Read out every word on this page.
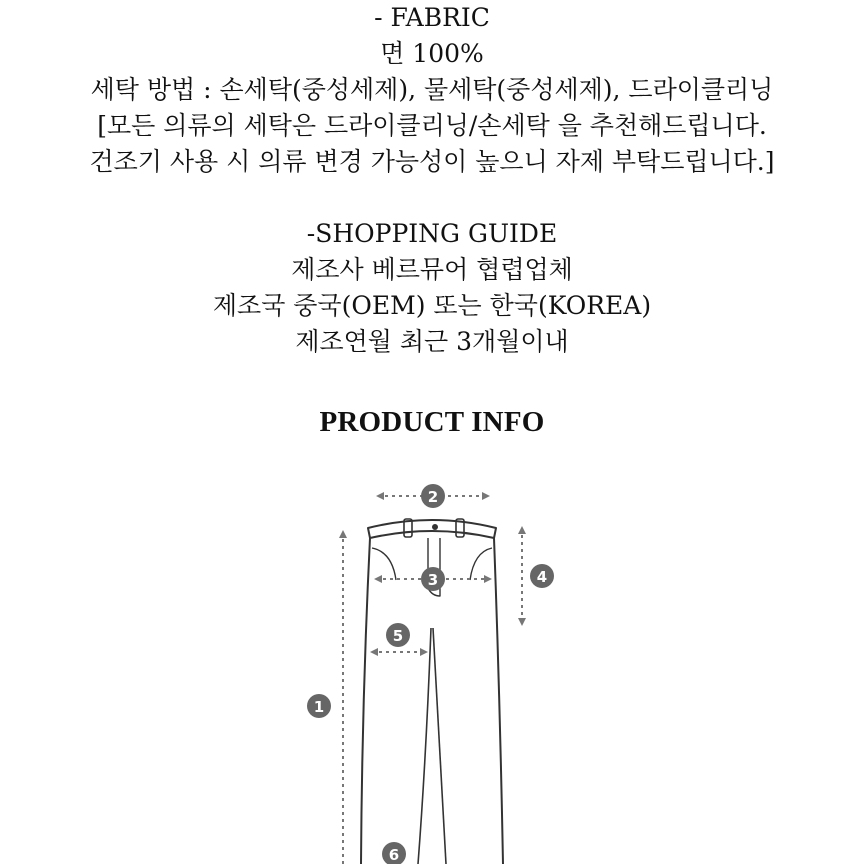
- FABRIC
면 100%
세탁 방법 : 손세탁(중성세제), 물세탁(중성세제), 드라이클리닝
[모든 의류의 세탁은 드라이클리닝/손세탁 을 추천해드립니다.
건조기 사용 시 의류 변경 가능성이 높으니 자제 부탁드립니다.]
-SHOPPING GUIDE
제조사 베르뮤어 협렵업체
제조국 중국(OEM) 또는 한국(KOREA)
제조연월 최근 3개월이내
PRODUCT INFO
1
2
3	4
5
6
